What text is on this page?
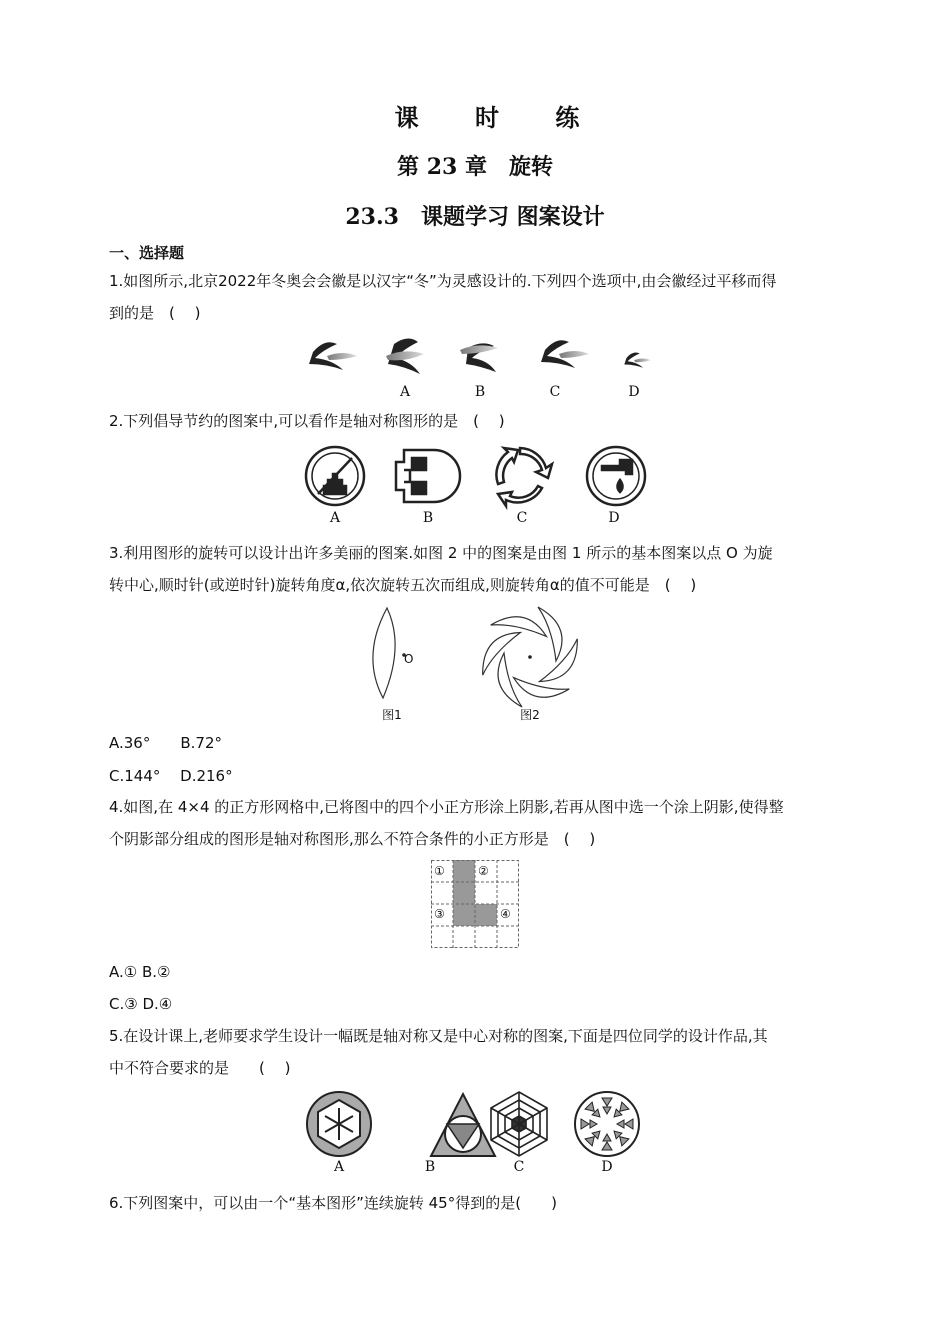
课 时 练
第 23 章　旋转
23.3　课题学习 图案设计
一、选择题
1.如图所示,北京2022年冬奥会会徽是以汉字“冬”为灵感设计的.下列四个选项中,由会徽经过平移而得
到的是　(　 )
A	B	C	D
2.下列倡导节约的图案中,可以看作是轴对称图形的是　(　 )
A	B	C	D
3.利用图形的旋转可以设计出许多美丽的图案.如图 2 中的图案是由图 1 所示的基本图案以点 O 为旋
转中心,顺时针(或逆时针)旋转角度α,依次旋转五次而组成,则旋转角α的值不可能是　(　 )
O
图1	图2
A.36°　　B.72°
C.144°　 D.216°
4.如图,在 4×4 的正方形网格中,已将图中的四个小正方形涂上阴影,若再从图中选一个涂上阴影,使得整
个阴影部分组成的图形是轴对称图形,那么不符合条件的小正方形是　(　 )
①	②
③	④
A.① B.②
C.③ D.④
5.在设计课上,老师要求学生设计一幅既是轴对称又是中心对称的图案,下面是四位同学的设计作品,其
中不符合要求的是　　(　 )
A	B	C	D
6.下列图案中，可以由一个“基本图形”连续旋转 45°得到的是(　　)
